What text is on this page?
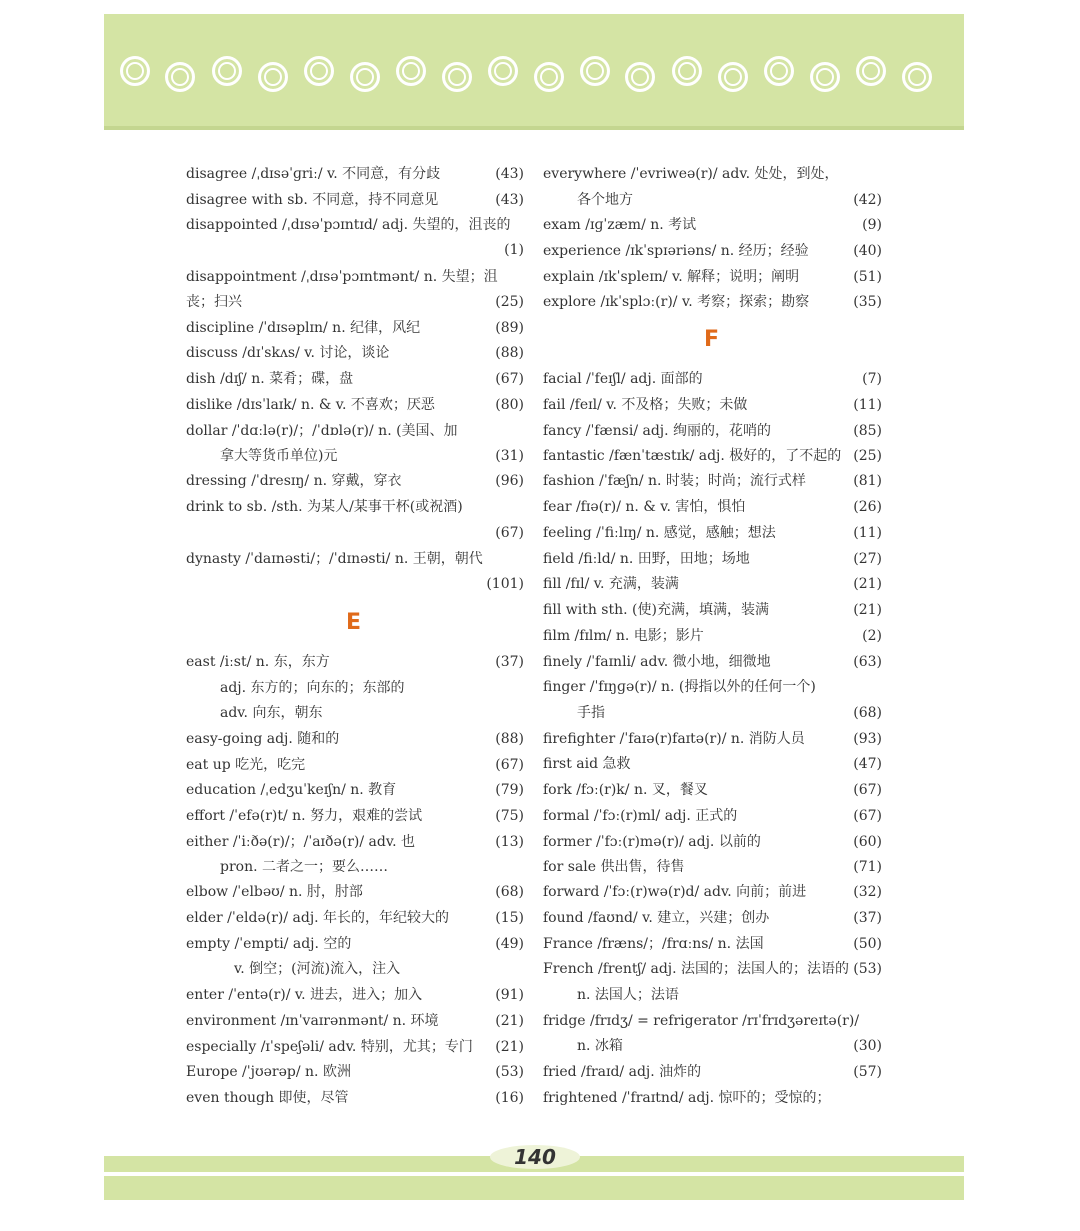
disagree /ˌdɪsəˈɡriː/ v. 不同意，有分歧	(43)
disagree with sb. 不同意，持不同意见	(43)
disappointed /ˌdɪsəˈpɔɪntɪd/ adj. 失望的，沮丧的
(1)
disappointment /ˌdɪsəˈpɔɪntmənt/ n. 失望；沮
丧；扫兴	(25)
discipline /ˈdɪsəplɪn/ n. 纪律，风纪	(89)
discuss /dɪˈskʌs/ v. 讨论，谈论	(88)
dish /dɪʃ/ n. 菜肴；碟，盘	(67)
dislike /dɪsˈlaɪk/ n. & v. 不喜欢；厌恶	(80)
dollar /ˈdɑːlə(r)/；/ˈdɒlə(r)/ n. (美国、加
拿大等货币单位)元	(31)
dressing /ˈdresɪŋ/ n. 穿戴，穿衣	(96)
drink to sb. /sth. 为某人/某事干杯(或祝酒)
(67)
dynasty /ˈdaɪnəsti/；/ˈdɪnəsti/ n. 王朝，朝代
(101)
east /iːst/ n. 东，东方	(37)
adj. 东方的；向东的；东部的
adv. 向东，朝东
easy-going adj. 随和的	(88)
eat up 吃光，吃完	(67)
education /ˌedʒuˈkeɪʃn/ n. 教育	(79)
effort /ˈefə(r)t/ n. 努力，艰难的尝试	(75)
either /ˈiːðə(r)/；/ˈaɪðə(r)/ adv. 也	(13)
pron. 二者之一；要么……
elbow /ˈelbəʊ/ n. 肘，肘部	(68)
elder /ˈeldə(r)/ adj. 年长的，年纪较大的	(15)
empty /ˈempti/ adj. 空的	(49)
v. 倒空；(河流)流入，注入
enter /ˈentə(r)/ v. 进去，进入；加入	(91)
environment /ɪnˈvaɪrənmənt/ n. 环境	(21)
especially /ɪˈspeʃəli/ adv. 特别，尤其；专门	(21)
Europe /ˈjʊərəp/ n. 欧洲	(53)
even though 即使，尽管	(16)
everywhere /ˈevriweə(r)/ adv. 处处，到处，
各个地方	(42)
exam /ɪɡˈzæm/ n. 考试	(9)
experience /ɪkˈspɪəriəns/ n. 经历；经验	(40)
explain /ɪkˈspleɪn/ v. 解释；说明；阐明	(51)
explore /ɪkˈsplɔː(r)/ v. 考察；探索；勘察	(35)
facial /ˈfeɪʃl/ adj. 面部的	(7)
fail /feɪl/ v. 不及格；失败；未做	(11)
fancy /ˈfænsi/ adj. 绚丽的，花哨的	(85)
fantastic /fænˈtæstɪk/ adj. 极好的，了不起的 (25)
fashion /ˈfæʃn/ n. 时装；时尚；流行式样	(81)
fear /fɪə(r)/ n. & v. 害怕，惧怕	(26)
feeling /ˈfiːlɪŋ/ n. 感觉，感触；想法	(11)
field /fiːld/ n. 田野，田地；场地	(27)
fill /fɪl/ v. 充满，装满	(21)
fill with sth. (使)充满，填满，装满	(21)
film /fɪlm/ n. 电影；影片	(2)
finely /ˈfaɪnli/ adv. 微小地，细微地	(63)
finger /ˈfɪŋɡə(r)/ n. (拇指以外的任何一个)
手指	(68)
firefighter /ˈfaɪə(r)faɪtə(r)/ n. 消防人员	(93)
first aid 急救	(47)
fork /fɔː(r)k/ n. 叉，餐叉	(67)
formal /ˈfɔː(r)ml/ adj. 正式的	(67)
former /ˈfɔː(r)mə(r)/ adj. 以前的	(60)
for sale 供出售，待售	(71)
forward /ˈfɔː(r)wə(r)d/ adv. 向前；前进	(32)
found /faʊnd/ v. 建立，兴建；创办	(37)
France /fræns/；/frɑːns/ n. 法国	(50)
French /frentʃ/ adj. 法国的；法国人的；法语的 (53)
n. 法国人；法语
fridge /frɪdʒ/ = refrigerator /rɪˈfrɪdʒəreɪtə(r)/
n. 冰箱	(30)
fried /fraɪd/ adj. 油炸的	(57)
frightened /ˈfraɪtnd/ adj. 惊吓的；受惊的；
E
F
140
